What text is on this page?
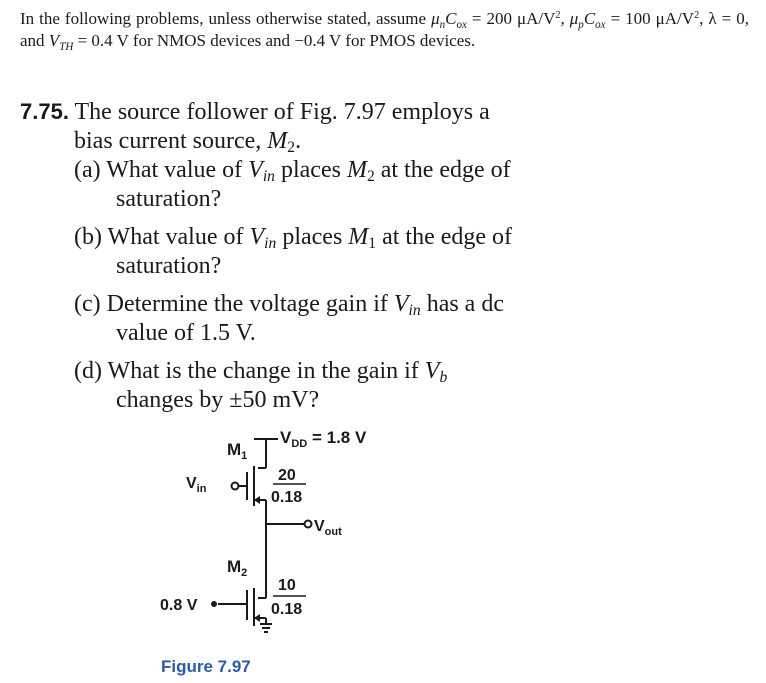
In the following problems, unless otherwise stated, assume $\mu_nC_{ox} = 200$ $\mu A/V^2$, $\mu_pC_{ox} = 100$ $\mu A/V^2$, λ = 0, and $V_{TH} = 0.4$ V for NMOS devices and −0.4 V for PMOS devices.

7.75. The source follower of Fig. 7.97 employs a bias current source, $M_2$.

(a) What value of $V_{in}$ places $M_2$ at the edge of saturation?

(b) What value of $V_{in}$ places $M_1$ at the edge of saturation?

(c) Determine the voltage gain if $V_{in}$ has a dc value of 1.5 V.

(d) What is the change in the gain if $V_b$ changes by ±50 mV?

$V_{DD} = 1.8$ V
$M_1$
20
0.18
$V_{in}$
$V_{out}$
$M_2$
10
0.18
0.8 V
Figure 7.97
